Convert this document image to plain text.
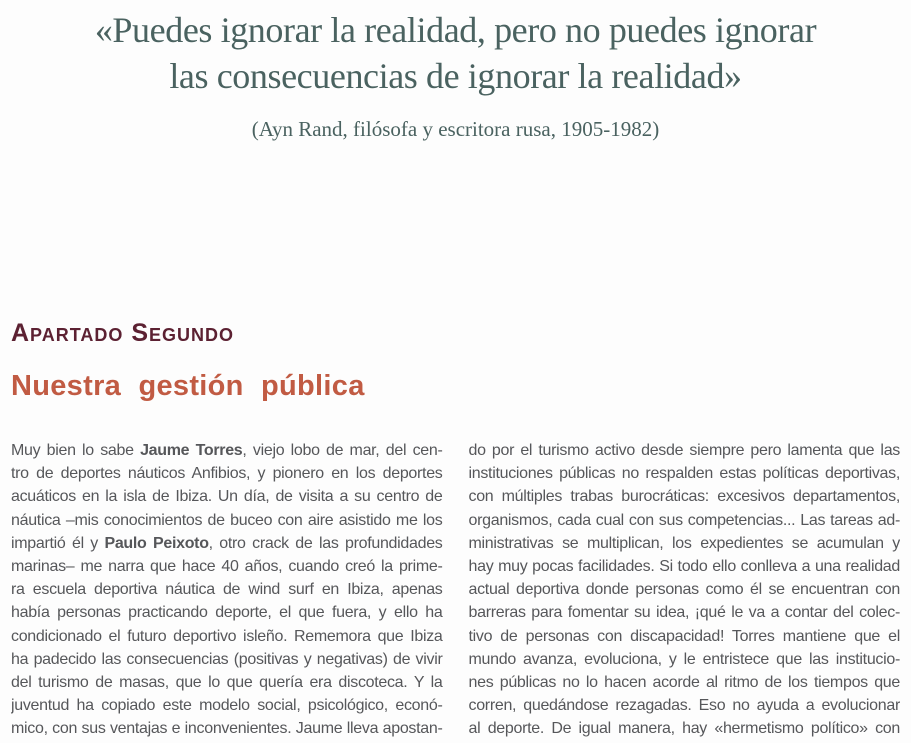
«Puedes ignorar la realidad, pero no puedes ignorar
las consecuencias de ignorar la realidad»
(Ayn Rand, filósofa y escritora rusa, 1905-1982)
Apartado Segundo
Nuestra gestión pública
Muy bien lo sabe Jaume Torres, viejo lobo de mar, del cen-
tro de deportes náuticos Anfibios, y pionero en los deportes
acuáticos en la isla de Ibiza. Un día, de visita a su centro de
náutica –mis conocimientos de buceo con aire asistido me los
impartió él y Paulo Peixoto, otro crack de las profundidades
marinas– me narra que hace 40 años, cuando creó la prime-
ra escuela deportiva náutica de wind surf en Ibiza, apenas
había personas practicando deporte, el que fuera, y ello ha
condicionado el futuro deportivo isleño. Rememora que Ibiza
ha padecido las consecuencias (positivas y negativas) de vivir
del turismo de masas, que lo que quería era discoteca. Y la
juventud ha copiado este modelo social, psicológico, econó-
mico, con sus ventajas e inconvenientes. Jaume lleva apostan-
do por el turismo activo desde siempre pero lamenta que las
instituciones públicas no respalden estas políticas deportivas,
con múltiples trabas burocráticas: excesivos departamentos,
organismos, cada cual con sus competencias... Las tareas ad-
ministrativas se multiplican, los expedientes se acumulan y
hay muy pocas facilidades. Si todo ello conlleva a una realidad
actual deportiva donde personas como él se encuentran con
barreras para fomentar su idea, ¡qué le va a contar del colec-
tivo de personas con discapacidad! Torres mantiene que el
mundo avanza, evoluciona, y le entristece que las institucio-
nes públicas no lo hacen acorde al ritmo de los tiempos que
corren, quedándose rezagadas. Eso no ayuda a evolucionar
al deporte. De igual manera, hay «hermetismo político» con
